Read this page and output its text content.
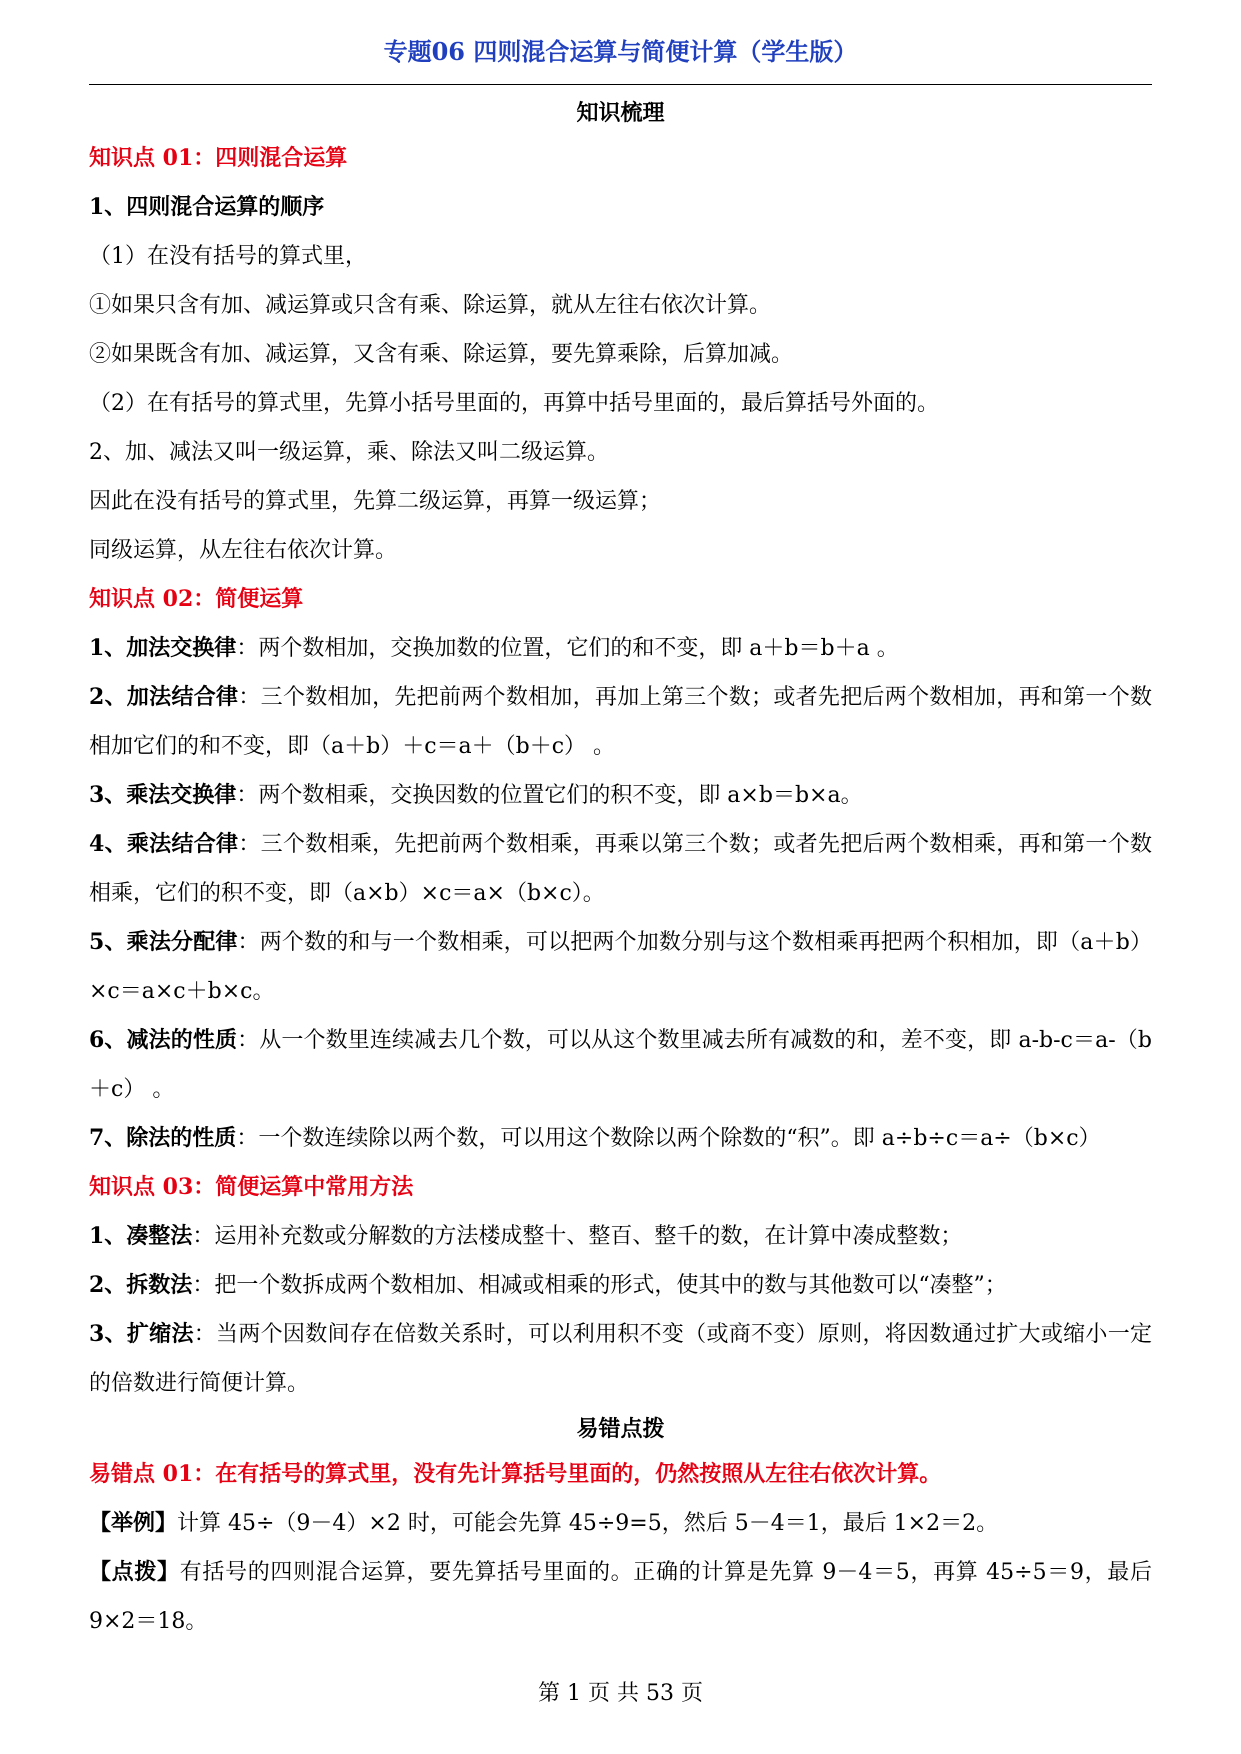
专题06 四则混合运算与简便计算（学生版）

知识梳理

知识点 01：四则混合运算

1、四则混合运算的顺序

（1）在没有括号的算式里，

①如果只含有加、减运算或只含有乘、除运算，就从左往右依次计算。

②如果既含有加、减运算，又含有乘、除运算，要先算乘除，后算加减。

（2）在有括号的算式里，先算小括号里面的，再算中括号里面的，最后算括号外面的。

2、加、减法又叫一级运算，乘、除法又叫二级运算。

因此在没有括号的算式里，先算二级运算，再算一级运算；

同级运算，从左往右依次计算。

知识点 02：简便运算

1、加法交换律：两个数相加，交换加数的位置，它们的和不变，即 a＋b＝b＋a 。

2、加法结合律：三个数相加，先把前两个数相加，再加上第三个数；或者先把后两个数相加，再和第一个数相加它们的和不变，即（a＋b）＋c＝a＋（b＋c） 。

3、乘法交换律：两个数相乘，交换因数的位置它们的积不变，即 a×b＝b×a。

4、乘法结合律：三个数相乘，先把前两个数相乘，再乘以第三个数；或者先把后两个数相乘，再和第一个数相乘，它们的积不变，即（a×b）×c＝a×（b×c）。

5、乘法分配律：两个数的和与一个数相乘，可以把两个加数分别与这个数相乘再把两个积相加，即（a＋b）×c＝a×c＋b×c。

6、减法的性质：从一个数里连续减去几个数，可以从这个数里减去所有减数的和，差不变，即 a-b-c＝a-（b＋c） 。

7、除法的性质：一个数连续除以两个数，可以用这个数除以两个除数的“积”。即 a÷b÷c＝a÷（b×c）

知识点 03：简便运算中常用方法

1、凑整法：运用补充数或分解数的方法楼成整十、整百、整千的数，在计算中凑成整数；

2、拆数法：把一个数拆成两个数相加、相减或相乘的形式，使其中的数与其他数可以“凑整”；

3、扩缩法：当两个因数间存在倍数关系时，可以利用积不变（或商不变）原则，将因数通过扩大或缩小一定的倍数进行简便计算。

易错点拨

易错点 01：在有括号的算式里，没有先计算括号里面的，仍然按照从左往右依次计算。

【举例】计算 45÷（9－4）×2 时，可能会先算 45÷9=5，然后 5－4＝1，最后 1×2＝2。

【点拨】有括号的四则混合运算，要先算括号里面的。正确的计算是先算 9－4＝5，再算 45÷5＝9，最后 9×2＝18。

第 1 页 共 53 页
